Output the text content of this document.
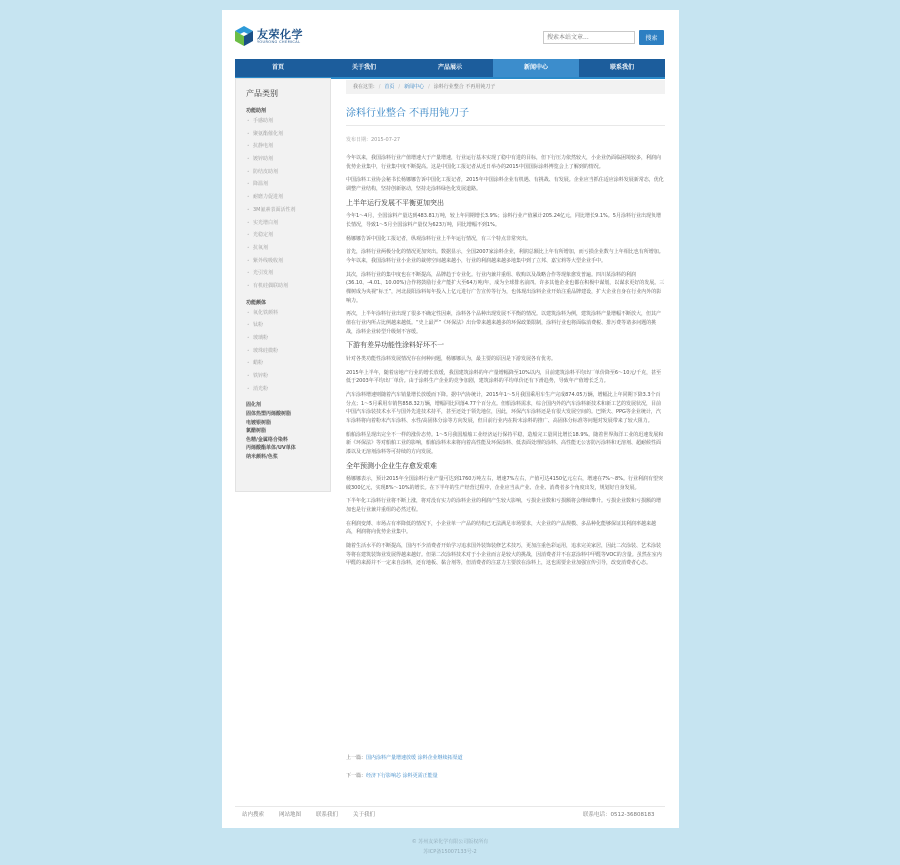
友荣化学
YOURONG CHEMICAL
搜索本站文章...	搜索
首页	关于我们	产品展示	新闻中心	联系我们
产品类别
功能助剂
• 手感助剂
• 聚氨酯催化剂
• 抗静电剂
• 镀锌助剂
• 防结皮助剂
• 降温剂
• 耐磨力促进剂
• 3M氟素表面活性剂
• 实光增白剂
• 光稳定剂
• 抗氧剂
• 紫外线吸收剂
• 光引发剂
• 有机硅偶联助剂
功能颜体
• 氧化铁颜料
• 钛粉
• 玻璃粉
• 玻珠硅微粉
• 蜡粉
• 铁锌粉
• 消光粉
固化剂
固体热塑丙烯酸树脂
电镀银树脂
氯醋树脂
色精/金属络合染料
丙烯酸酯单体/UV单体
纳米颜料/色浆
我在这里: / 首页 / 新闻中心 / 涂料行业整合 不再用钝刀子
涂料行业整合 不再用钝刀子
发布日期：2015-07-27

今年以来，我国涂料行业产值增速大于产量增速，行业运行基本实现了稳中有进的目标，但下行压力依然较大，小企业仍面临困境较多，利润向优势企业集中，行业集中度不断提高。这是中国化工报记者从近日举办的2015中国国际涂料博览会上了解到的情况。

中国涂料工业协会秘书长杨娜娜告诉中国化工报记者，2015年中国涂料企业有机遇、有挑战、有发展。企业应当抓住适应涂料发展新常态，优化调整产业结构，坚持创新驱动，坚持走涂料绿色化发展道路。

上半年运行发展不平衡更加突出

今年1～4月，全国涂料产量达到483.81万吨，较上年同期增长3.9%；涂料行业产值累计205.24亿元，同比增长9.1%。5月涂料行业出现负增长情况，导致1～5月全国涂料产量仅为623万吨，同比增幅不到1%。

杨娜娜告诉中国化工报记者，纵观涂料行业上半年运行情况，有三个特点非常突出。

首先，涂料行业两极分化的情况更加突出。数据显示，全国2007家涂料企业，利润总额比上年有所增加，而亏损企业数与上年相比也有所增加。今年以来，我国涂料行业小企业的裁剪空间越来越小，行业的利润越来越多地集中到了立邦、嘉宝莉等大型企业手中。

其次，涂料行业的集中度也在不断提高，品牌趋于专业化。行业内兼并重组、收购以及战略合作等现象愈发普遍。四川某涂料的利润(36.10、-4.01、10.00%)合作将鼓励行业产能扩大至64万吨/年，成为全球排名前四。许多其他企业也都在积极中谋划，以谋求更好的发展。三棵树成为央视“标王”，河北晨阳涂料每年投入上亿元进行广告宣传等行为，也体现出涂料企业开始注重品牌建设，扩大企业自身在行业内外的影响力。

再次，上半年涂料行业出现了很多不确定性因素，涂料各个品种出现发展不平衡的情况。以建筑涂料为例，建筑涂料产量增幅不断放大，但其产值在行业内所占比例越来越低。“史上最严”《环保法》出台带来越来越多的环保政策限制，涂料行业也将面临消费税、排污费等诸多问题的挑战，涂料企业转型升级刻不容缓。

下游有差异功能性涂料好坏不一

针对各类功能性涂料发展情况存在何种问题，杨娜娜认为，最主要的原因是下游发展各有优劣。

2015年上半年，随着房地产行业的增长放缓，我国建筑涂料的年产量增幅降至10%以内，目前建筑涂料平均出厂单价降至6～10元/千克，甚至低于2003年平均出厂单价。由于涂料生产企业的竞争加剧，建筑涂料的平均单价还有下滑趋势，导致年产值增长乏力。

汽车涂料增速则随着汽车销量增长放缓而下降。据中汽协统计，2015年1～5月我国乘用车生产完成874.05万辆，增幅比上年同期下降3.3个百分点；1～5月乘用车销售858.32万辆，增幅同比回落4.77个百分点。但船涂料需求，综合国内外的汽车涂料新技术和新工艺的发展状况，目前中国汽车涂装技术水平与国外先进技术持平，甚至还处于领先地位，因此，环保汽车涂料还是有很大发展空间的。巴斯夫、PPG等企业统计，汽车涂料将向着粉末汽车涂料、水性/高固体分涂等方向发展，但目前行业内在粉末涂料的推广、高固体分标准等问题对发展带来了较大阻力。

船舶涂料呈现出完全不一样的涨价态势。1～5月我国船舶工业经济运行保持平稳，造船完工量同比增长18.9%。随着世界海洋工业的迅速发展和新《环保法》等对船舶工业的影响，船舶涂料未来将向着高性能及环保涂料、低表面处理的涂料、高性能无公害防污涂料和无溶剂、超耐候性面漆以及无溶剂涂料等可持续的方向发展。

全年预测小企业生存愈发艰难

杨娜娜表示，预计2015年全国涂料行业产量可达到1760万吨左右，增速7%左右，产值可达4150亿元左右，增速在7%～8%。行业利润有望突破300亿元，实现8%～10%的增长。在下半年的生产经营过程中，企业应当从产业、企业、消费者多个角度出发，规划好自身发展。

下半年化工涂料行业将不断上涨，将对没有实力的涂料企业的利润产生较大影响，亏损企业数和亏损额将会继续攀升。亏损企业数和亏损额的增加也是行业兼并重组的必然过程。

在利润变薄、市场占有率降低的情况下，小企业单一产品的结构已无法满足市场要求，大企业的产品规模、多品种化能够保证其利润率越来越高，利润将向优势企业集中。

随着生活水平的不断提高，国内不少消费者开始学习追求国外装饰装修艺术技巧，更加注重色彩运用，追求完美家居，因此二次涂装、艺术涂装等将在建筑装饰业发展得越来越好。但第二次涂料技术对于小企业而言是较大的挑战，因消费者并不在意涂料中甲醛等VOC的含量。虽然在室内甲醛的来源并不一定来自涂料，还有地板、黏合剂等，但消费者的注意力主要放在涂料上，这也需要企业加强宣传引导，改变消费者心态。

上一篇：国内涂料产量增速放缓 涂料企业继续拓渠道
下一篇：经济下行影响芯 涂料更需正能量
站内搜索	网站地图	联系我们	关于我们	联系电话：0512-36808183
© 苏州友荣化学有限公司版权所有
苏ICP备15007133号-2
